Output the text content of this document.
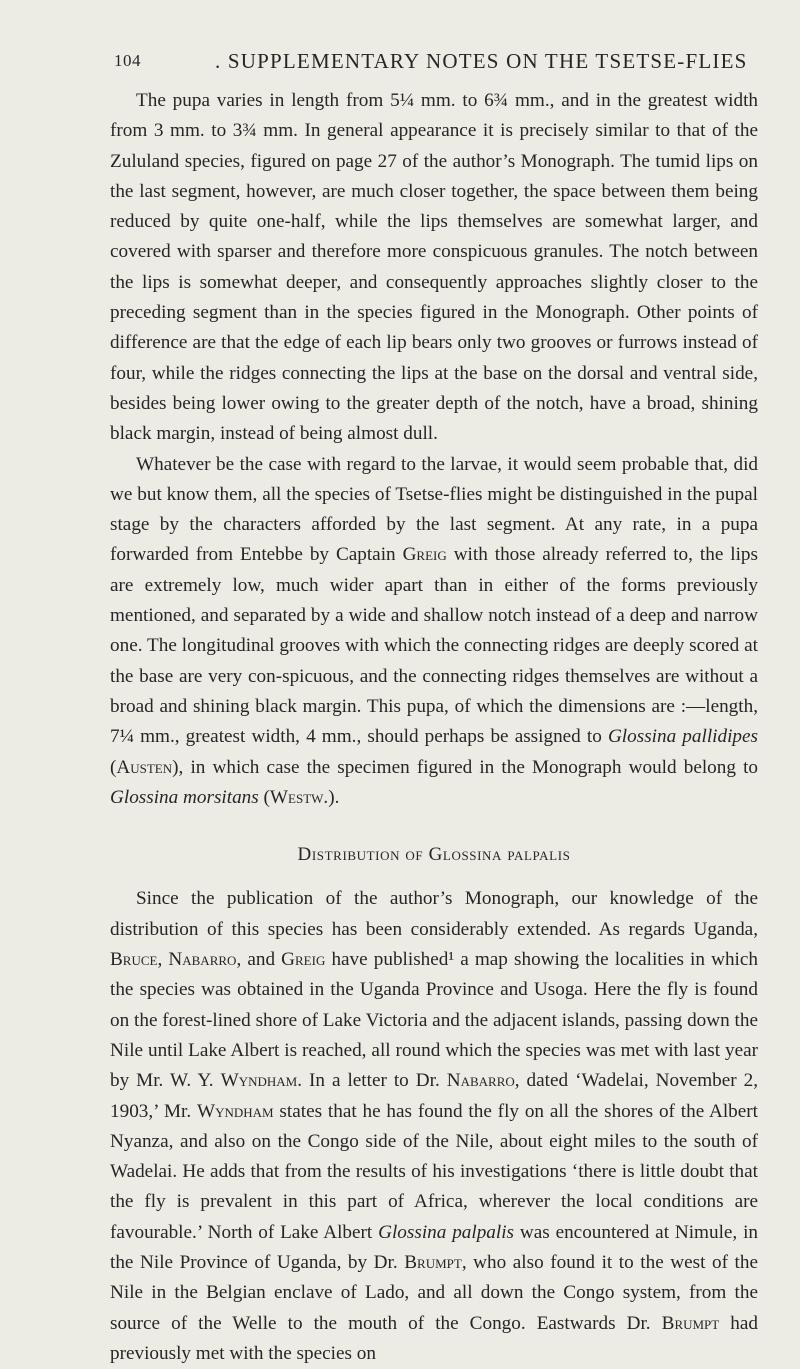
104	. SUPPLEMENTARY NOTES ON THE TSETSE-FLIES

The pupa varies in length from 5¼ mm. to 6¾ mm., and in the greatest width from 3 mm. to 3¾ mm. In general appearance it is precisely similar to that of the Zululand species, figured on page 27 of the author’s Monograph. The tumid lips on the last segment, however, are much closer together, the space between them being reduced by quite one-half, while the lips themselves are somewhat larger, and covered with sparser and therefore more conspicuous granules. The notch between the lips is somewhat deeper, and consequently approaches slightly closer to the preceding segment than in the species figured in the Monograph. Other points of difference are that the edge of each lip bears only two grooves or furrows instead of four, while the ridges connecting the lips at the base on the dorsal and ventral side, besides being lower owing to the greater depth of the notch, have a broad, shining black margin, instead of being almost dull.

Whatever be the case with regard to the larvae, it would seem probable that, did we but know them, all the species of Tsetse-flies might be distinguished in the pupal stage by the characters afforded by the last segment. At any rate, in a pupa forwarded from Entebbe by Captain Greig with those already referred to, the lips are extremely low, much wider apart than in either of the forms previously mentioned, and separated by a wide and shallow notch instead of a deep and narrow one. The longitudinal grooves with which the connecting ridges are deeply scored at the base are very con-spicuous, and the connecting ridges themselves are without a broad and shining black margin. This pupa, of which the dimensions are :—length, 7¼ mm., greatest width, 4 mm., should perhaps be assigned to Glossina pallidipes (Austen), in which case the specimen figured in the Monograph would belong to Glossina morsitans (Westw.).

Distribution of Glossina palpalis

Since the publication of the author’s Monograph, our knowledge of the distribution of this species has been considerably extended. As regards Uganda, Bruce, Nabarro, and Greig have published¹ a map showing the localities in which the species was obtained in the Uganda Province and Usoga. Here the fly is found on the forest-lined shore of Lake Victoria and the adjacent islands, passing down the Nile until Lake Albert is reached, all round which the species was met with last year by Mr. W. Y. Wyndham. In a letter to Dr. Nabarro, dated ‘Wadelai, November 2, 1903,’ Mr. Wyndham states that he has found the fly on all the shores of the Albert Nyanza, and also on the Congo side of the Nile, about eight miles to the south of Wadelai. He adds that from the results of his investigations ‘there is little doubt that the fly is prevalent in this part of Africa, wherever the local conditions are favourable.’ North of Lake Albert Glossina palpalis was encountered at Nimule, in the Nile Province of Uganda, by Dr. Brumpt, who also found it to the west of the Nile in the Belgian enclave of Lado, and all down the Congo system, from the source of the Welle to the mouth of the Congo. Eastwards Dr. Brumpt had previously met with the species on
